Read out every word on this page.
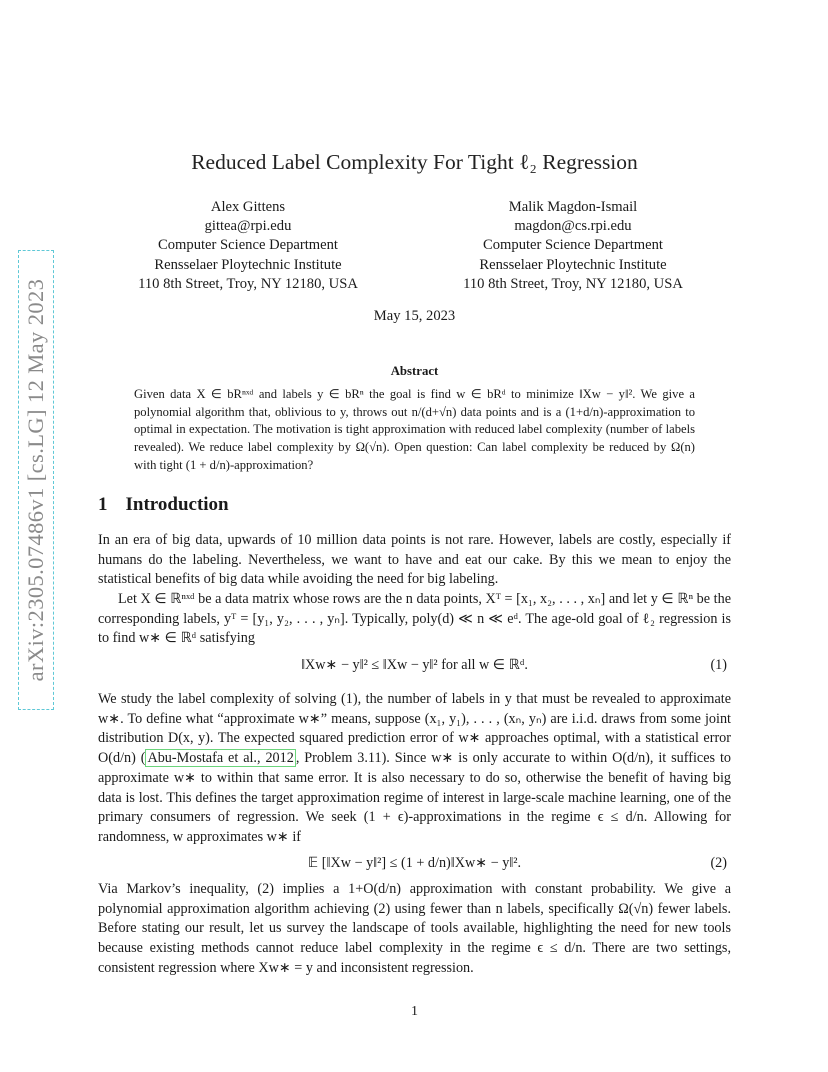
arXiv:2305.07486v1 [cs.LG] 12 May 2023
Reduced Label Complexity For Tight ℓ₂ Regression
Alex Gittens
gittea@rpi.edu
Computer Science Department
Rensselaer Ploytechnic Institute
110 8th Street, Troy, NY 12180, USA
Malik Magdon-Ismail
magdon@cs.rpi.edu
Computer Science Department
Rensselaer Ploytechnic Institute
110 8th Street, Troy, NY 12180, USA
May 15, 2023
Abstract
Given data X ∈ bRⁿˣᵈ and labels y ∈ bRⁿ the goal is find w ∈ bRᵈ to minimize ‖Xw − y‖². We give a polynomial algorithm that, oblivious to y, throws out n/(d+√n) data points and is a (1+d/n)-approximation to optimal in expectation. The motivation is tight approximation with reduced label complexity (number of labels revealed). We reduce label complexity by Ω(√n). Open question: Can label complexity be reduced by Ω(n) with tight (1 + d/n)-approximation?
1 Introduction
In an era of big data, upwards of 10 million data points is not rare. However, labels are costly, especially if humans do the labeling. Nevertheless, we want to have and eat our cake. By this we mean to enjoy the statistical benefits of big data while avoiding the need for big labeling.
Let X ∈ ℝⁿˣᵈ be a data matrix whose rows are the n data points, Xᵀ = [x₁, x₂, . . . , xₙ] and let y ∈ ℝⁿ be the corresponding labels, yᵀ = [y₁, y₂, . . . , yₙ]. Typically, poly(d) ≪ n ≪ eᵈ. The age-old goal of ℓ₂ regression is to find w∗ ∈ ℝᵈ satisfying
‖Xw∗ − y‖² ≤ ‖Xw − y‖² for all w ∈ ℝᵈ.	(1)
We study the label complexity of solving (1), the number of labels in y that must be revealed to approximate w∗. To define what “approximate w∗” means, suppose (x₁, y₁), . . . , (xₙ, yₙ) are i.i.d. draws from some joint distribution D(x, y). The expected squared prediction error of w∗ approaches optimal, with a statistical error O(d/n) ( Abu-Mostafa et al., 2012 , Problem 3.11). Since w∗ is only accurate to within O(d/n), it suffices to approximate w∗ to within that same error. It is also necessary to do so, otherwise the benefit of having big data is lost. This defines the target approximation regime of interest in large-scale machine learning, one of the primary consumers of regression. We seek (1 + ϵ)-approximations in the regime ϵ ≤ d/n. Allowing for randomness, w approximates w∗ if
𝔼 [‖Xw − y‖²] ≤ (1 + d/n)‖Xw∗ − y‖².	(2)
Via Markov’s inequality, (2) implies a 1+O(d/n) approximation with constant probability. We give a polynomial approximation algorithm achieving (2) using fewer than n labels, specifically Ω(√n) fewer labels. Before stating our result, let us survey the landscape of tools available, highlighting the need for new tools because existing methods cannot reduce label complexity in the regime ϵ ≤ d/n. There are two settings, consistent regression where Xw∗ = y and inconsistent regression.
1
